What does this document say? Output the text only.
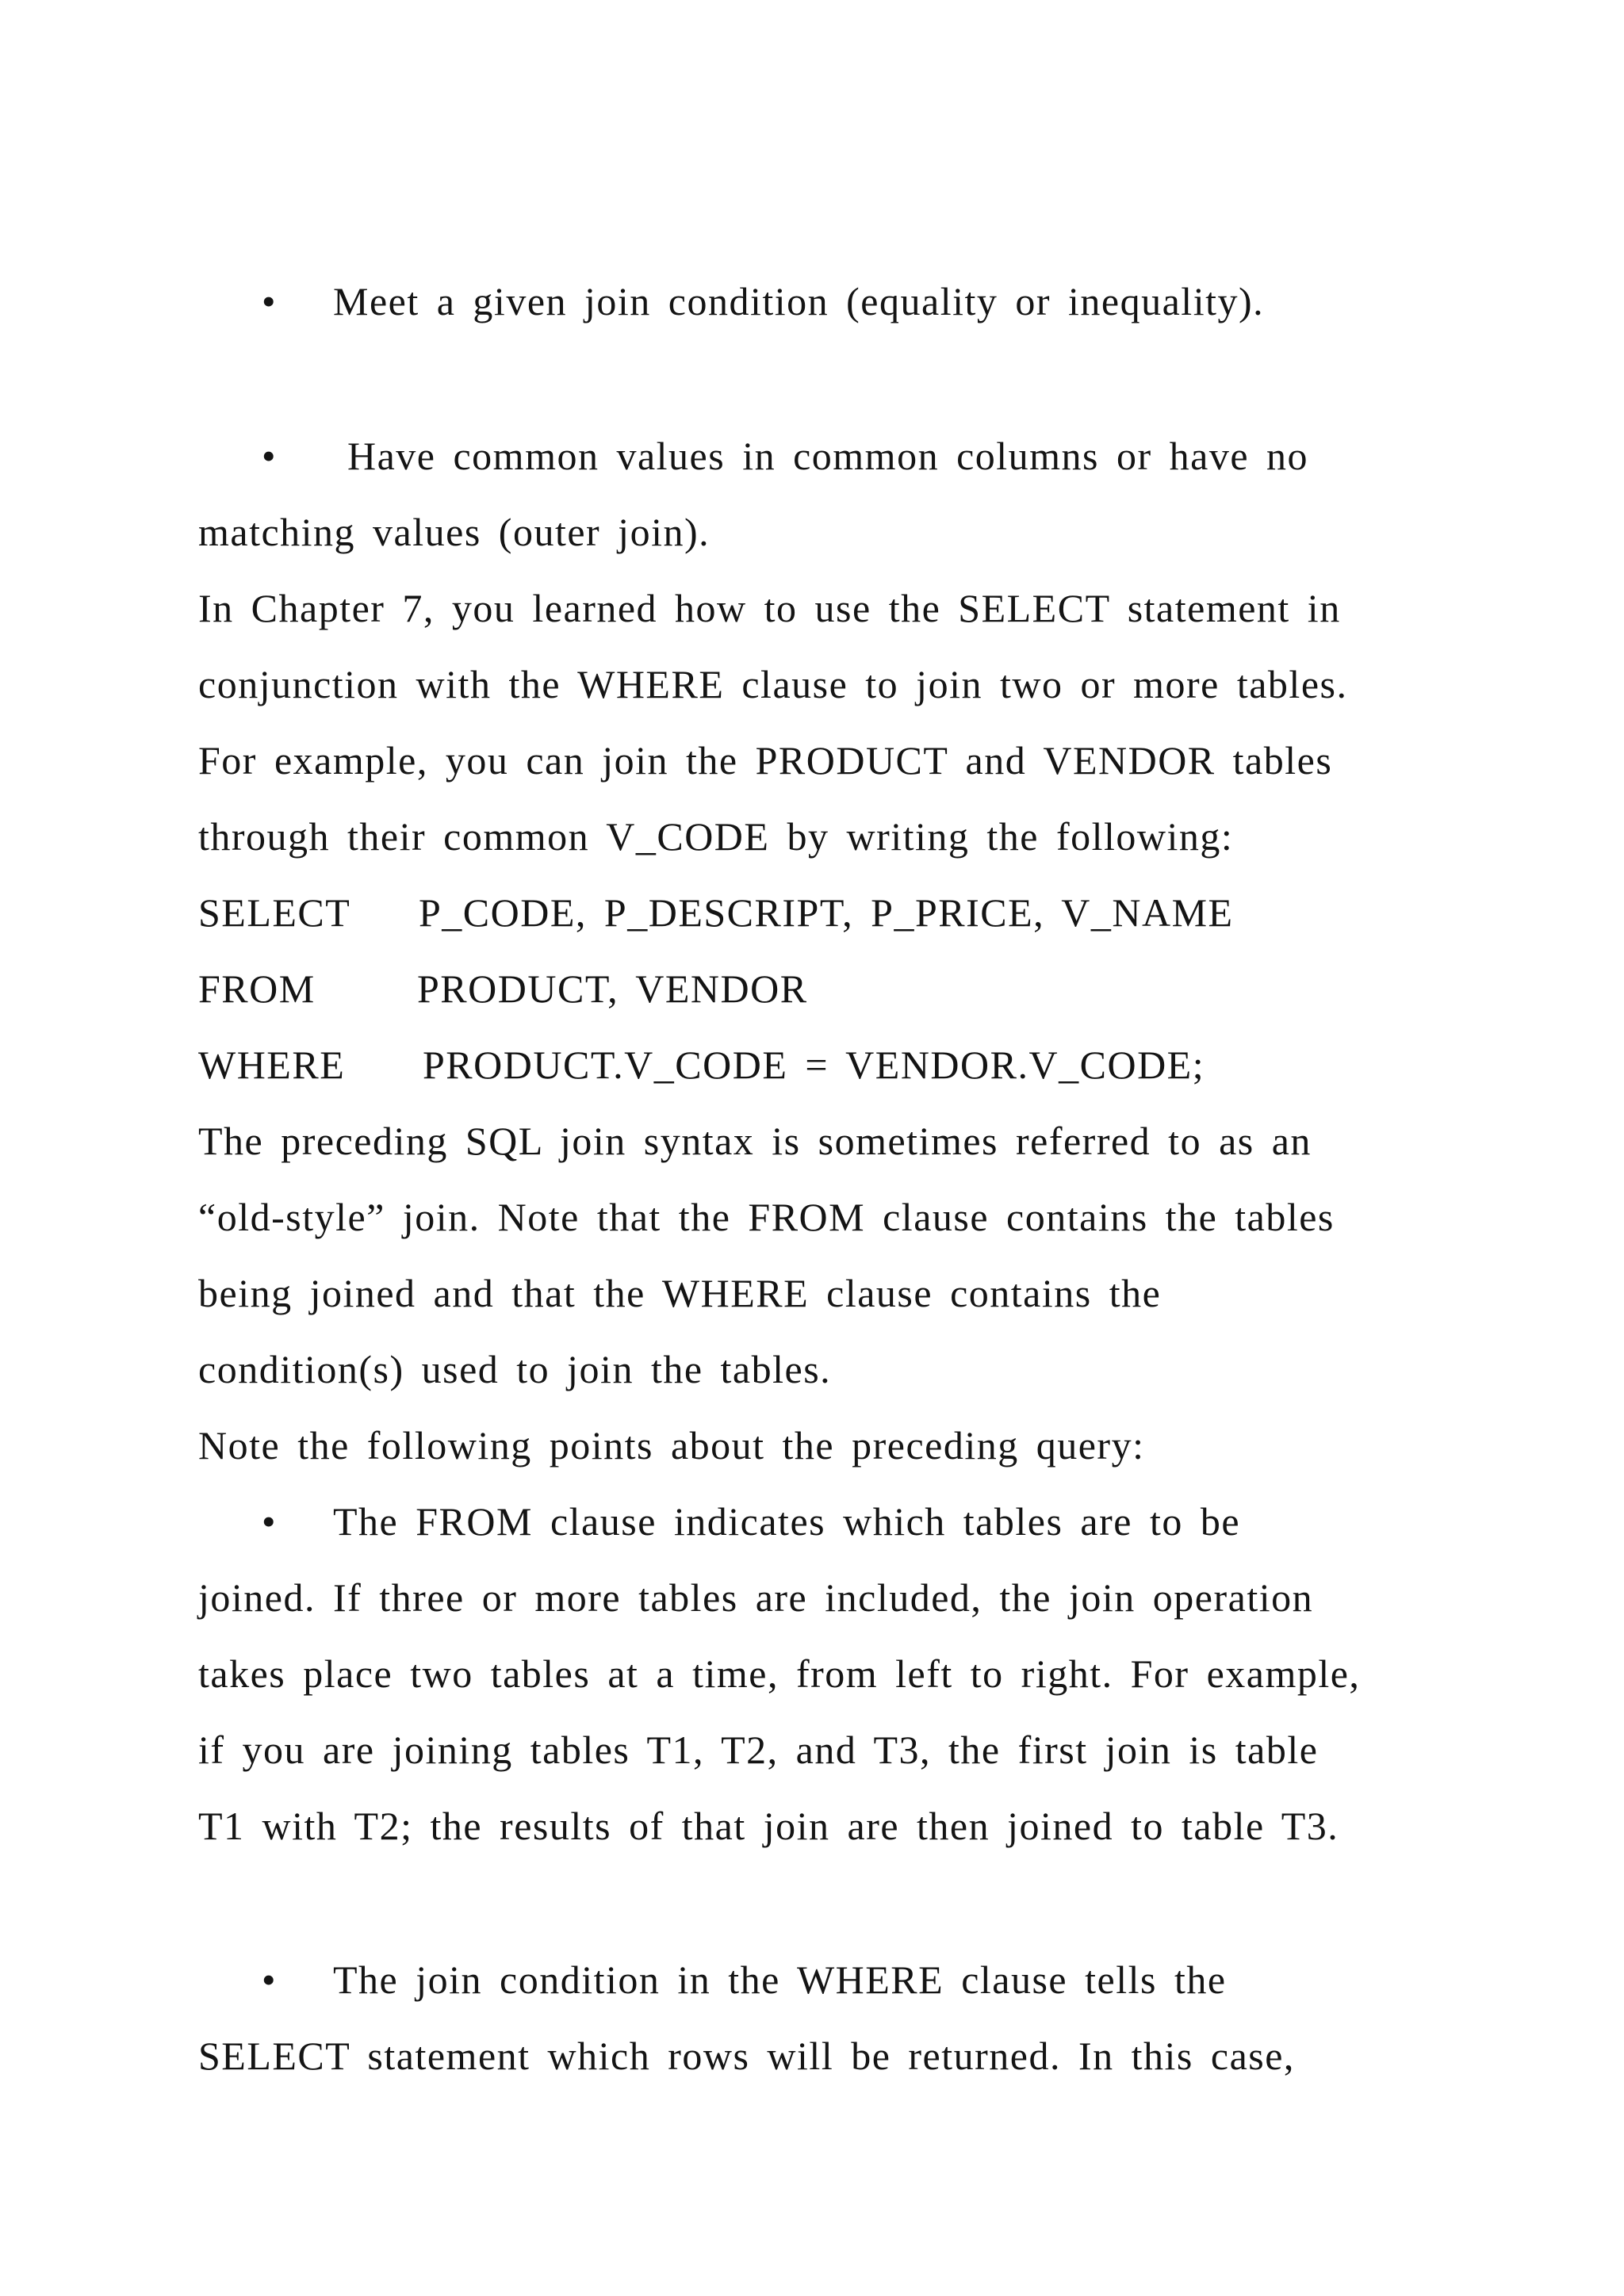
• Meet a given join condition (equality or inequality).
• Have common values in common columns or have no
matching values (outer join).
In Chapter 7, you learned how to use the SELECT statement in
conjunction with the WHERE clause to join two or more tables.
For example, you can join the PRODUCT and VENDOR tables
through their common V_CODE by writing the following:
SELECT P_CODE, P_DESCRIPT, P_PRICE, V_NAME
FROM	PRODUCT, VENDOR
WHERE PRODUCT.V_CODE = VENDOR.V_CODE;
The preceding SQL join syntax is sometimes referred to as an
“old-style” join. Note that the FROM clause contains the tables
being joined and that the WHERE clause contains the
condition(s) used to join the tables.
Note the following points about the preceding query:
• The FROM clause indicates which tables are to be
joined. If three or more tables are included, the join operation
takes place two tables at a time, from left to right. For example,
if you are joining tables T1, T2, and T3, the first join is table
T1 with T2; the results of that join are then joined to table T3.
• The join condition in the WHERE clause tells the
SELECT statement which rows will be returned. In this case,
